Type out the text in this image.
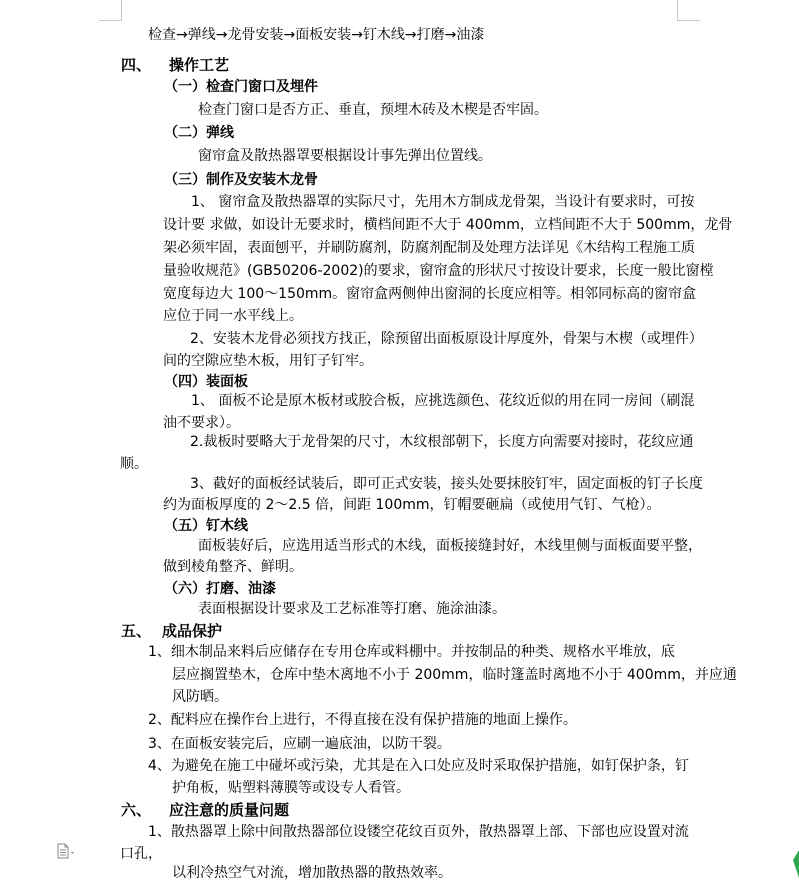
检查→弹线→龙骨安装→面板安装→钉木线→打磨→油漆
四、 操作工艺
（一）检查门窗口及埋件
检查门窗口是否方正、垂直，预埋木砖及木楔是否牢固。
（二）弹线
窗帘盒及散热器罩要根据设计事先弹出位置线。
（三）制作及安装木龙骨
1、 窗帘盒及散热器罩的实际尺寸，先用木方制成龙骨架，当设计有要求时，可按
设计要 求做，如设计无要求时，横档间距不大于 400mm，立档间距不大于 500mm，龙骨
架必须牢固，表面刨平，并刷防腐剂，防腐剂配制及处理方法详见《木结构工程施工质
量验收规范》(GB50206-2002)的要求，窗帘盒的形状尺寸按设计要求，长度一般比窗樘
宽度每边大 100～150mm。窗帘盒两侧伸出窗洞的长度应相等。相邻同标高的窗帘盒
应位于同一水平线上。
2、安装木龙骨必须找方找正，除预留出面板原设计厚度外，骨架与木楔（或埋件）
间的空隙应垫木板，用钉子钉牢。
（四）装面板
1、 面板不论是原木板材或胶合板，应挑选颜色、花纹近似的用在同一房间（刷混
油不要求）。
2.裁板时要略大于龙骨架的尺寸，木纹根部朝下，长度方向需要对接时，花纹应通
顺。
3、截好的面板经试装后，即可正式安装，接头处要抹胶钉牢，固定面板的钉子长度
约为面板厚度的 2～2.5 倍，间距 100mm，钉帽要砸扁（或使用气钉、气枪）。
（五）钉木线
面板装好后，应选用适当形式的木线，面板接缝封好，木线里侧与面板面要平整，
做到棱角整齐、鲜明。
（六）打磨、油漆
表面根据设计要求及工艺标准等打磨、施涂油漆。
五、 成品保护
1、细木制品来料后应储存在专用仓库或料棚中。并按制品的种类、规格水平堆放，底
层应搁置垫木，仓库中垫木离地不小于 200mm，临时篷盖时离地不小于 400mm，并应通
风防晒。
2、配料应在操作台上进行，不得直接在没有保护措施的地面上操作。
3、在面板安装完后，应刷一遍底油，以防干裂。
4、为避免在施工中碰坏或污染，尤其是在入口处应及时采取保护措施，如钉保护条，钉
护角板，贴塑料薄膜等或设专人看管。
六、 应注意的质量问题
1、散热器罩上除中间散热器部位设镂空花纹百页外，散热器罩上部、下部也应设置对流
口孔，
以利冷热空气对流，增加散热器的散热效率。
